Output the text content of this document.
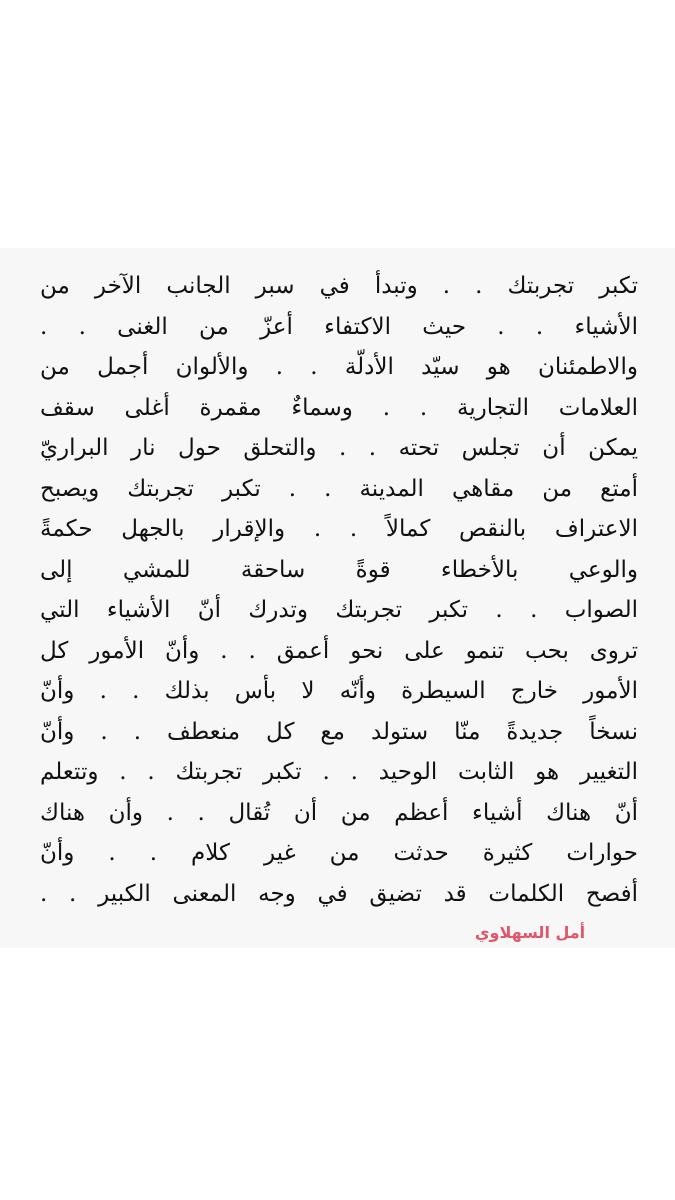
تكبر تجربتك . . وتبدأ في سبر الجانب الآخر من
الأشياء . . حيث الاكتفاء أعزّ من الغنى . .
والاطمئنان هو سيّد الأدلّة . . والألوان أجمل من
العلامات التجارية . . وسماءٌ مقمرة أغلى سقف
يمكن أن تجلس تحته . . والتحلق حول نار البراريّ
أمتع من مقاهي المدينة . . تكبر تجربتك ويصبح
الاعتراف بالنقص كمالاً . . والإقرار بالجهل حكمةً
والوعي بالأخطاء قوةً ساحقة للمشي إلى
الصواب . . تكبر تجربتك وتدرك أنّ الأشياء التي
تروى بحب تنمو على نحو أعمق . . وأنّ الأمور كل
الأمور خارج السيطرة وأنّه لا بأس بذلك . . وأنّ
نسخاً جديدةً منّا ستولد مع كل منعطف . . وأنّ
التغيير هو الثابت الوحيد . . تكبر تجربتك . . وتتعلم
أنّ هناك أشياء أعظم من أن تُقال . . وأن هناك
حوارات كثيرة حدثت من غير كلام . . وأنّ
أفصح الكلمات قد تضيق في وجه المعنى الكبير . .
أمل السهلاوي
